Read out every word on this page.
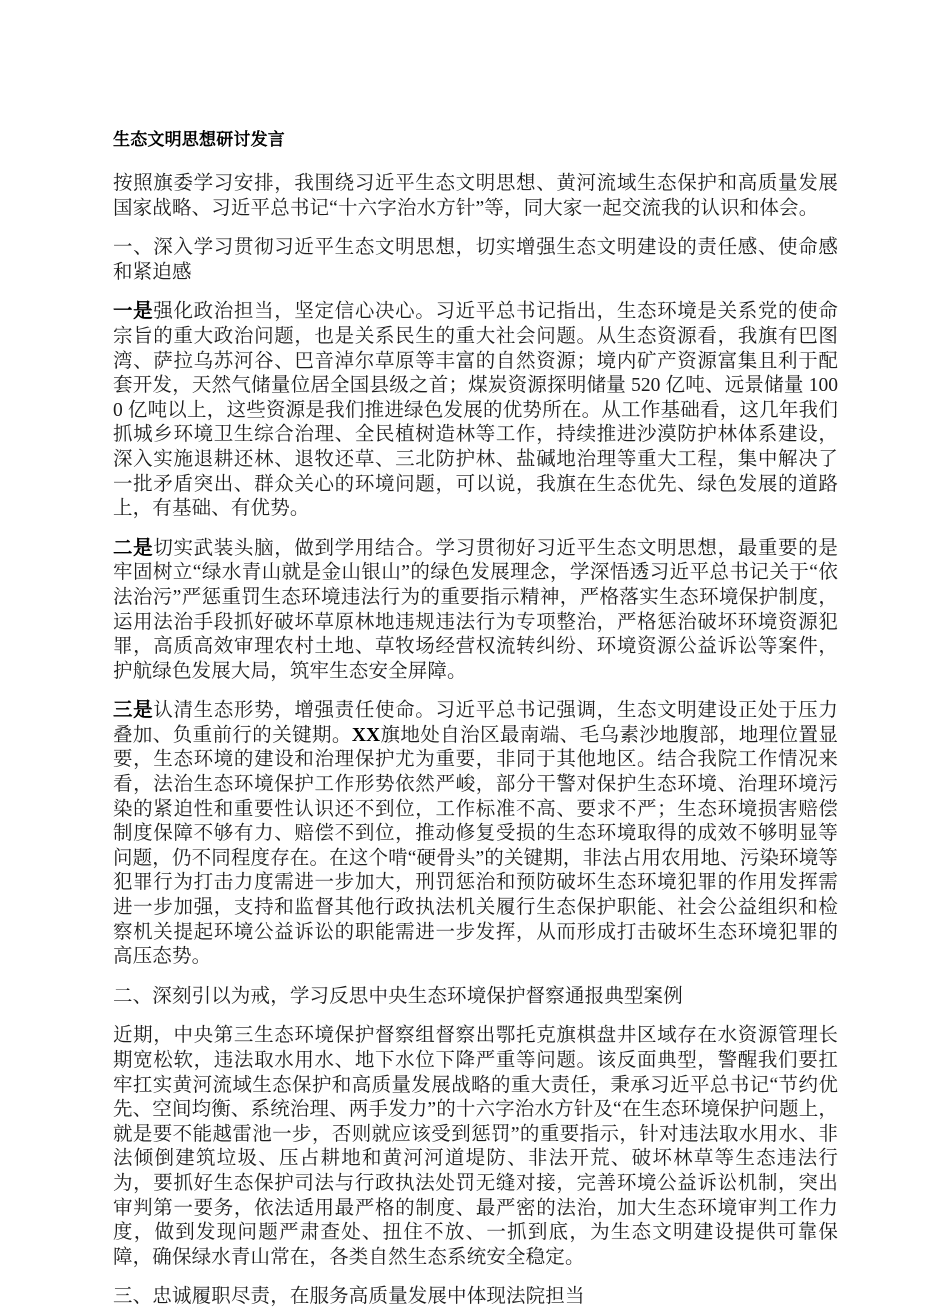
生态文明思想研讨发言

按照旗委学习安排，我围绕习近平生态文明思想、黄河流域生态保护和高质量发展国家战略、习近平总书记“十六字治水方针”等，同大家一起交流我的认识和体会。

一、深入学习贯彻习近平生态文明思想，切实增强生态文明建设的责任感、使命感和紧迫感

一是强化政治担当，坚定信心决心。习近平总书记指出，生态环境是关系党的使命宗旨的重大政治问题，也是关系民生的重大社会问题。从生态资源看，我旗有巴图湾、萨拉乌苏河谷、巴音淖尔草原等丰富的自然资源；境内矿产资源富集且利于配套开发，天然气储量位居全国县级之首；煤炭资源探明储量 520 亿吨、远景储量 1000 亿吨以上，这些资源是我们推进绿色发展的优势所在。从工作基础看，这几年我们抓城乡环境卫生综合治理、全民植树造林等工作，持续推进沙漠防护林体系建设，深入实施退耕还林、退牧还草、三北防护林、盐碱地治理等重大工程，集中解决了一批矛盾突出、群众关心的环境问题，可以说，我旗在生态优先、绿色发展的道路上，有基础、有优势。

二是切实武装头脑，做到学用结合。学习贯彻好习近平生态文明思想，最重要的是牢固树立“绿水青山就是金山银山”的绿色发展理念，学深悟透习近平总书记关于“依法治污”严惩重罚生态环境违法行为的重要指示精神，严格落实生态环境保护制度，运用法治手段抓好破坏草原林地违规违法行为专项整治，严格惩治破坏环境资源犯罪，高质高效审理农村土地、草牧场经营权流转纠纷、环境资源公益诉讼等案件，护航绿色发展大局，筑牢生态安全屏障。

三是认清生态形势，增强责任使命。习近平总书记强调，生态文明建设正处于压力叠加、负重前行的关键期。XX旗地处自治区最南端、毛乌素沙地腹部，地理位置显要，生态环境的建设和治理保护尤为重要，非同于其他地区。结合我院工作情况来看，法治生态环境保护工作形势依然严峻，部分干警对保护生态环境、治理环境污染的紧迫性和重要性认识还不到位，工作标准不高、要求不严；生态环境损害赔偿制度保障不够有力、赔偿不到位，推动修复受损的生态环境取得的成效不够明显等问题，仍不同程度存在。在这个啃“硬骨头”的关键期，非法占用农用地、污染环境等犯罪行为打击力度需进一步加大，刑罚惩治和预防破坏生态环境犯罪的作用发挥需进一步加强，支持和监督其他行政执法机关履行生态保护职能、社会公益组织和检察机关提起环境公益诉讼的职能需进一步发挥，从而形成打击破坏生态环境犯罪的高压态势。

二、深刻引以为戒，学习反思中央生态环境保护督察通报典型案例

近期，中央第三生态环境保护督察组督察出鄂托克旗棋盘井区域存在水资源管理长期宽松软，违法取水用水、地下水位下降严重等问题。该反面典型，警醒我们要扛牢扛实黄河流域生态保护和高质量发展战略的重大责任，秉承习近平总书记“节约优先、空间均衡、系统治理、两手发力”的十六字治水方针及“在生态环境保护问题上，就是要不能越雷池一步，否则就应该受到惩罚”的重要指示，针对违法取水用水、非法倾倒建筑垃圾、压占耕地和黄河河道堤防、非法开荒、破坏林草等生态违法行为，要抓好生态保护司法与行政执法处罚无缝对接，完善环境公益诉讼机制，突出审判第一要务，依法适用最严格的制度、最严密的法治，加大生态环境审判工作力度，做到发现问题严肃查处、扭住不放、一抓到底，为生态文明建设提供可靠保障，确保绿水青山常在，各类自然生态系统安全稳定。

三、忠诚履职尽责，在服务高质量发展中体现法院担当
